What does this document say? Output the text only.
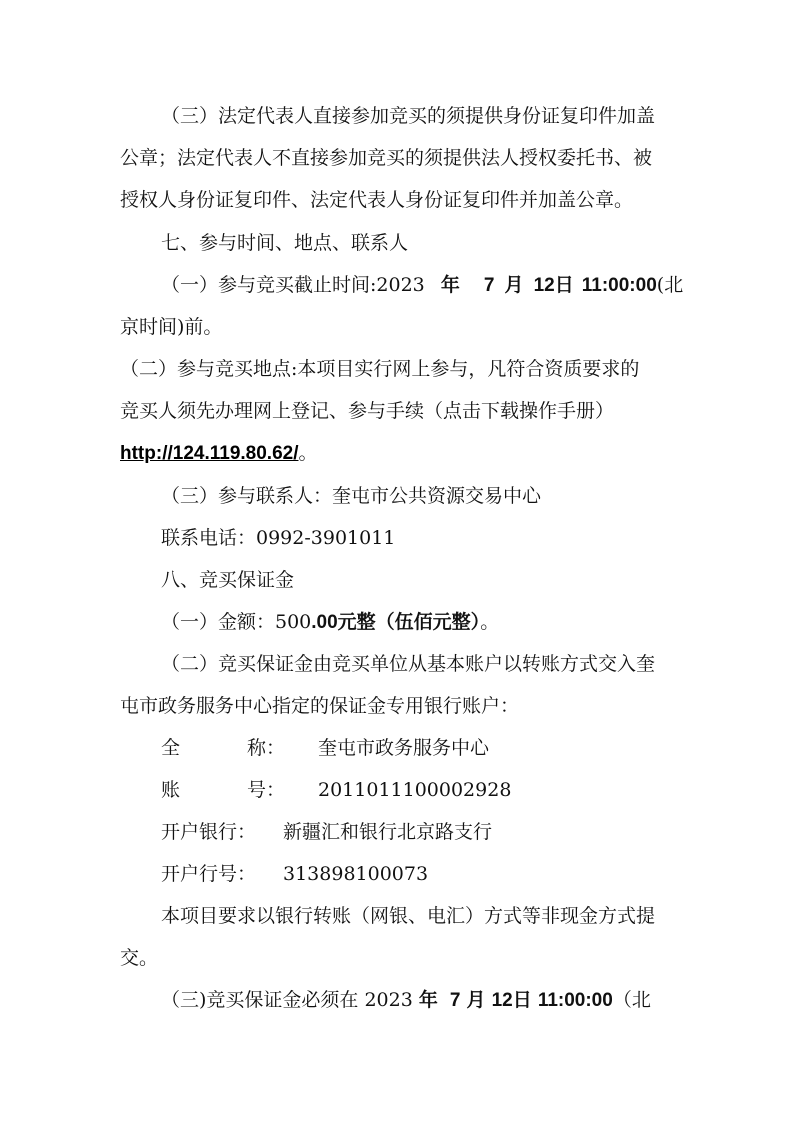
（三）法定代表人直接参加竞买的须提供身份证复印件加盖
公章；法定代表人不直接参加竞买的须提供法人授权委托书、被
授权人身份证复印件、法定代表人身份证复印件并加盖公章。
七、参与时间、地点、联系人
（一）参与竞买截止时间:2023 年 7 月 12日 11:00:00(北
京时间)前。
（二）参与竞买地点:本项目实行网上参与，凡符合资质要求的
竞买人须先办理网上登记、参与手续（点击下载操作手册）
http://124.119.80.62/。
（三）参与联系人：奎屯市公共资源交易中心
联系电话：0992-3901011
八、竞买保证金
（一）金额：500.00元整（伍佰元整）。
（二）竞买保证金由竞买单位从基本账户以转账方式交入奎
屯市政务服务中心指定的保证金专用银行账户：
全	称： 奎屯市政务服务中心
账	号： 2011011100002928
开户银行： 新疆汇和银行北京路支行
开户行号： 313898100073
本项目要求以银行转账（网银、电汇）方式等非现金方式提
交。
（三)竞买保证金必须在 2023 年 7 月 12日 11:00:00（北
